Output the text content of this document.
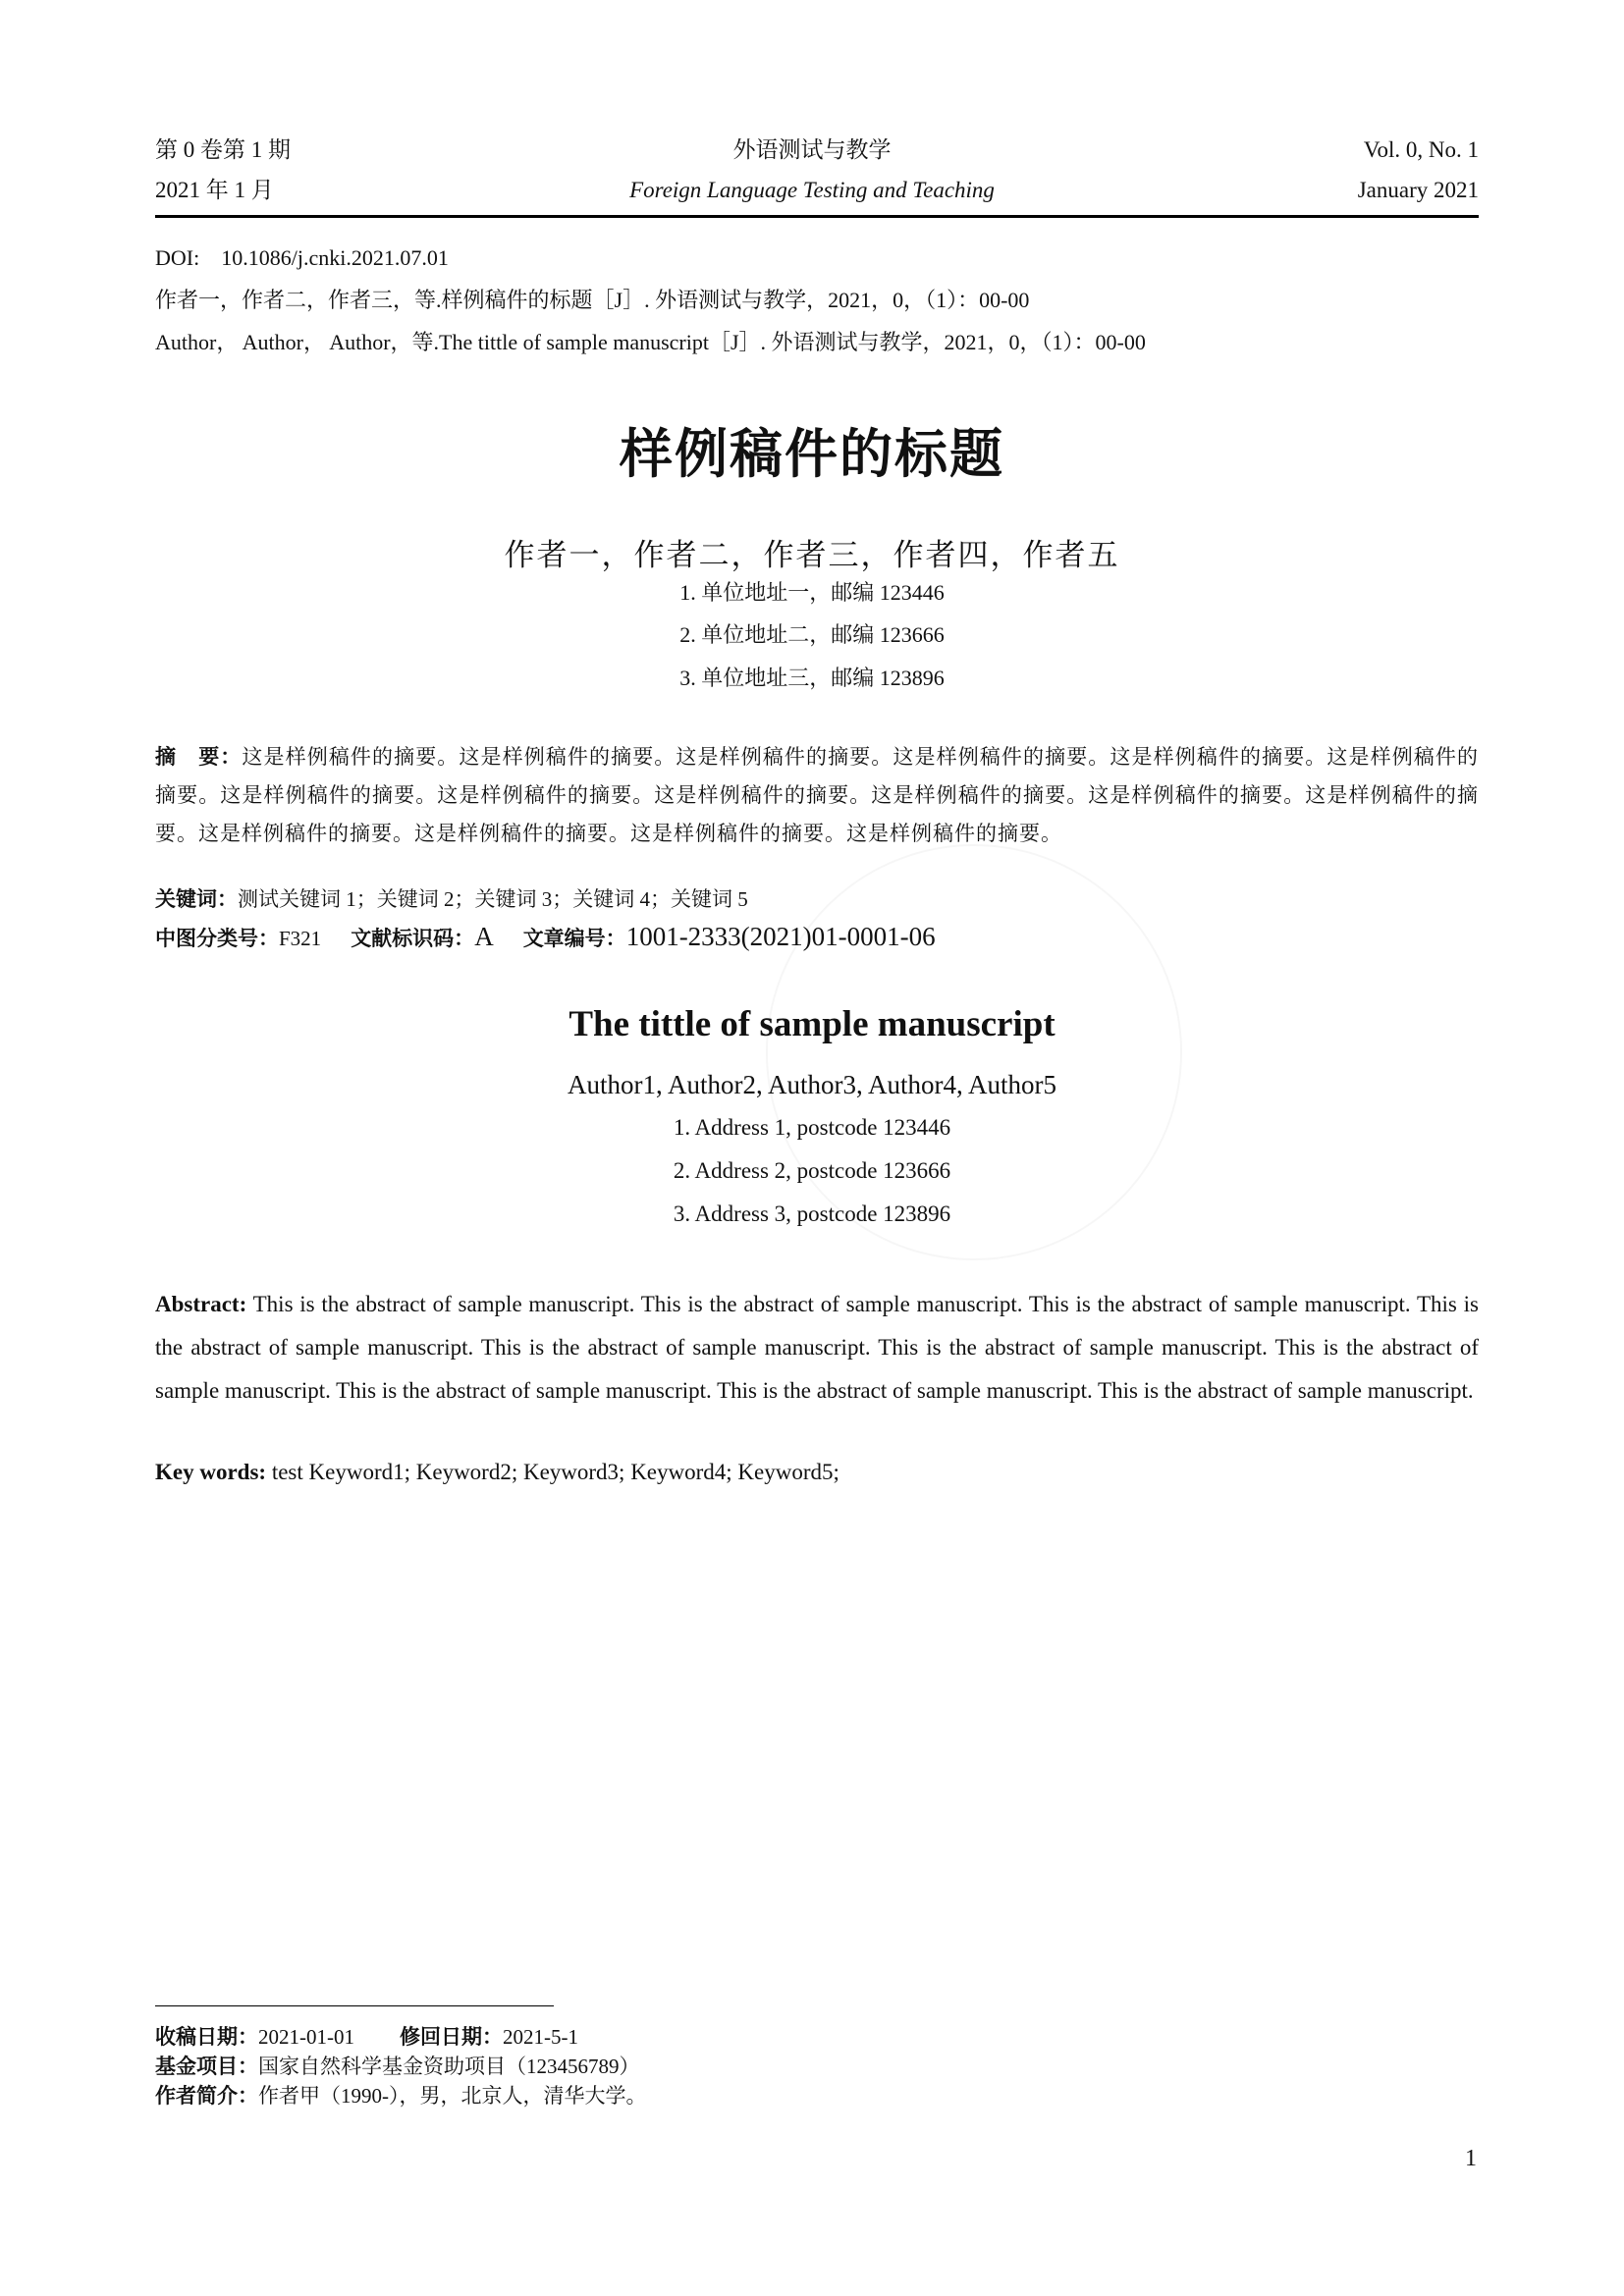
第 0 卷第 1 期
2021 年 1 月
外语测试与教学
Foreign Language Testing and Teaching
Vol. 0, No. 1
January 2021
DOI: 10.1086/j.cnki.2021.07.01
作者一，作者二，作者三，等.样例稿件的标题［J］. 外语测试与教学，2021，0，（1）：00-00
Author， Author， Author，等.The tittle of sample manuscript［J］. 外语测试与教学，2021，0，（1）：00-00
样例稿件的标题
作者一，作者二，作者三，作者四，作者五
1. 单位地址一，邮编 123446
2. 单位地址二，邮编 123666
3. 单位地址三，邮编 123896
摘　要：这是样例稿件的摘要。这是样例稿件的摘要。这是样例稿件的摘要。这是样例稿件的摘要。这是样例稿件的摘要。这是样例稿件的摘要。这是样例稿件的摘要。这是样例稿件的摘要。这是样例稿件的摘要。这是样例稿件的摘要。这是样例稿件的摘要。这是样例稿件的摘要。这是样例稿件的摘要。这是样例稿件的摘要。这是样例稿件的摘要。这是样例稿件的摘要。
关键词：测试关键词 1；关键词 2；关键词 3；关键词 4；关键词 5
中图分类号：F321 文献标识码：A 文章编号：1001-2333(2021)01-0001-06
The tittle of sample manuscript
Author1, Author2, Author3, Author4, Author5
1. Address 1, postcode 123446
2. Address 2, postcode 123666
3. Address 3, postcode 123896
Abstract: This is the abstract of sample manuscript. This is the abstract of sample manuscript. This is the abstract of sample manuscript. This is the abstract of sample manuscript. This is the abstract of sample manuscript. This is the abstract of sample manuscript. This is the abstract of sample manuscript. This is the abstract of sample manuscript. This is the abstract of sample manuscript. This is the abstract of sample manuscript.
Key words: test Keyword1; Keyword2; Keyword3; Keyword4; Keyword5;
收稿日期：2021-01-01 修回日期：2021-5-1
基金项目：国家自然科学基金资助项目（123456789）
作者简介：作者甲（1990-），男，北京人，清华大学。
1
